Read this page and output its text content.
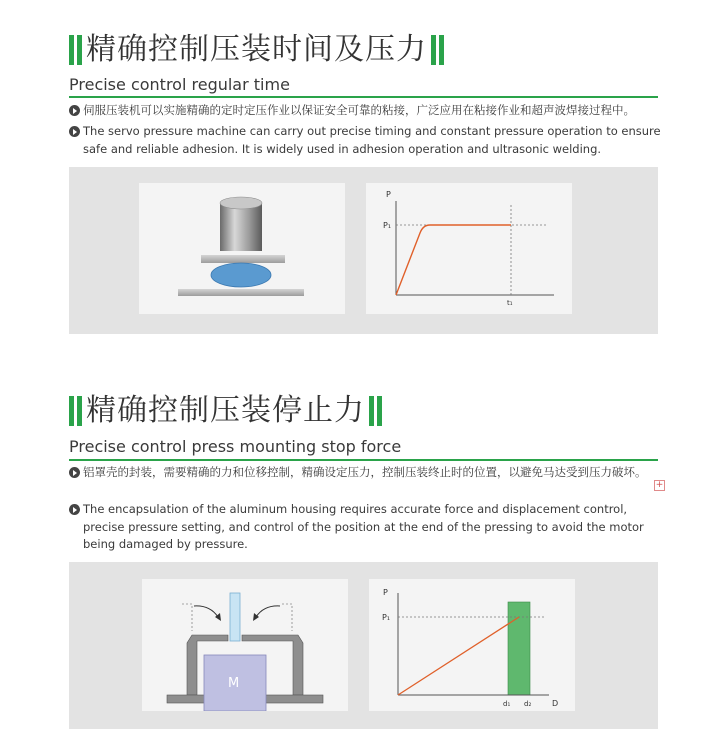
精确控制压装时间及压力
Precise control regular time
伺服压装机可以实施精确的定时定压作业以保证安全可靠的粘接，广泛应用在粘接作业和超声波焊接过程中。
The servo pressure machine can carry out precise timing and constant pressure operation to ensure safe and reliable adhesion. It is widely used in adhesion operation and ultrasonic welding.
P
P₁
t₁
精确控制压装停止力
Precise control press mounting stop force
铝罩壳的封装，需要精确的力和位移控制，精确设定压力，控制压装终止时的位置，以避免马达受到压力破坏。
+
The encapsulation of the aluminum housing requires accurate force and displacement control, precise pressure setting, and control of the position at the end of the pressing to avoid the motor being damaged by pressure.
M
P
P₁
d₁ d₂	D
